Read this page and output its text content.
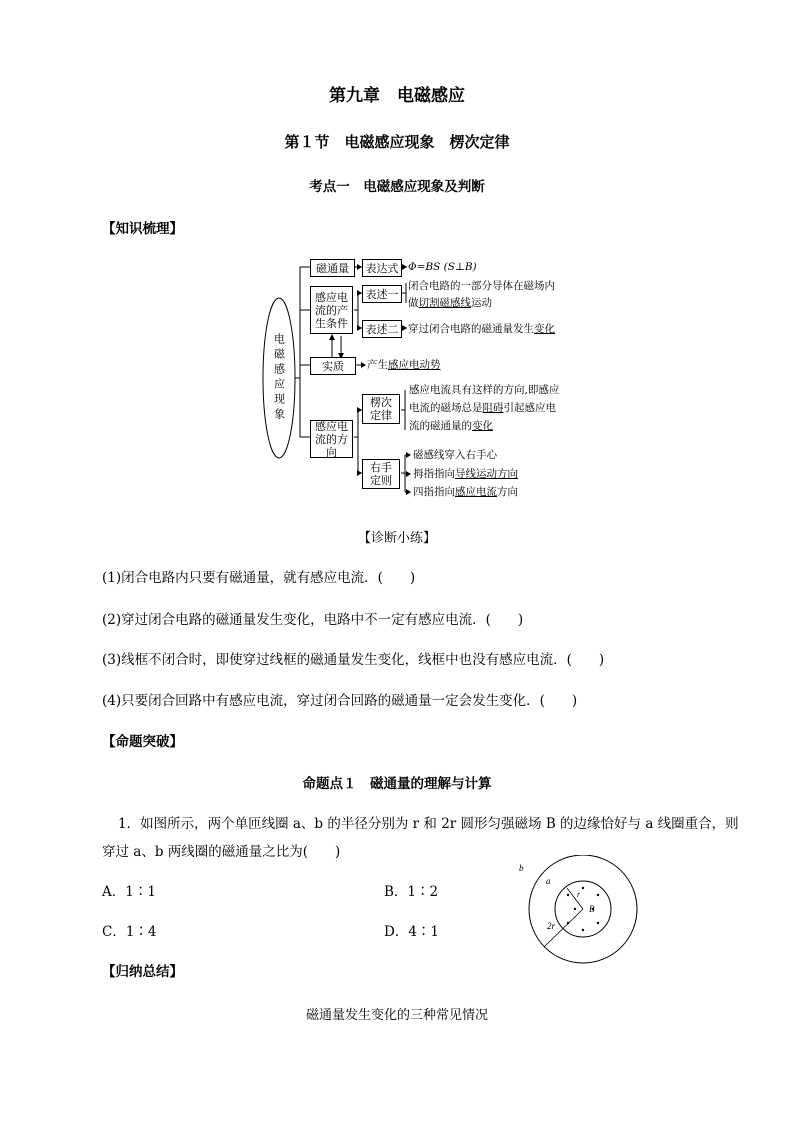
第九章　电磁感应
第１节　电磁感应现象　楞次定律
考点一　电磁感应现象及判断
【知识梳理】
电磁感应现象
磁通量 表达式 Φ=BS (S⊥B)
感应电流的产生条件
表述一
闭合电路的一部分导体在磁场内
做切割磁感线运动
表述二 穿过闭合电路的磁通量发生变化
实质 产生感应电动势
感应电流的方向
楞次定律
感应电流具有这样的方向,即感应
电流的磁场总是阻碍引起感应电
流的磁通量的变化
右手定则
磁感线穿入右手心
拇指指向导线运动方向
四指指向感应电流方向
【诊断小练】
(1)闭合电路内只要有磁通量，就有感应电流．(　　)
(2)穿过闭合电路的磁通量发生变化，电路中不一定有感应电流．(　　)
(3)线框不闭合时，即使穿过线框的磁通量发生变化，线框中也没有感应电流．(　　)
(4)只要闭合回路中有感应电流，穿过闭合回路的磁通量一定会发生变化．(　　)
【命题突破】
命题点１　磁通量的理解与计算
1．如图所示，两个单匝线圈 a、b 的半径分别为 r 和 2r 圆形匀强磁场 B 的边缘恰好与 a 线圈重合，则
穿过 a、b 两线圈的磁通量之比为(　　)
A．1∶1	B．1∶2
C．1∶4	D．4∶1
b
a
r
B
2r
【归纳总结】
磁通量发生变化的三种常见情况
